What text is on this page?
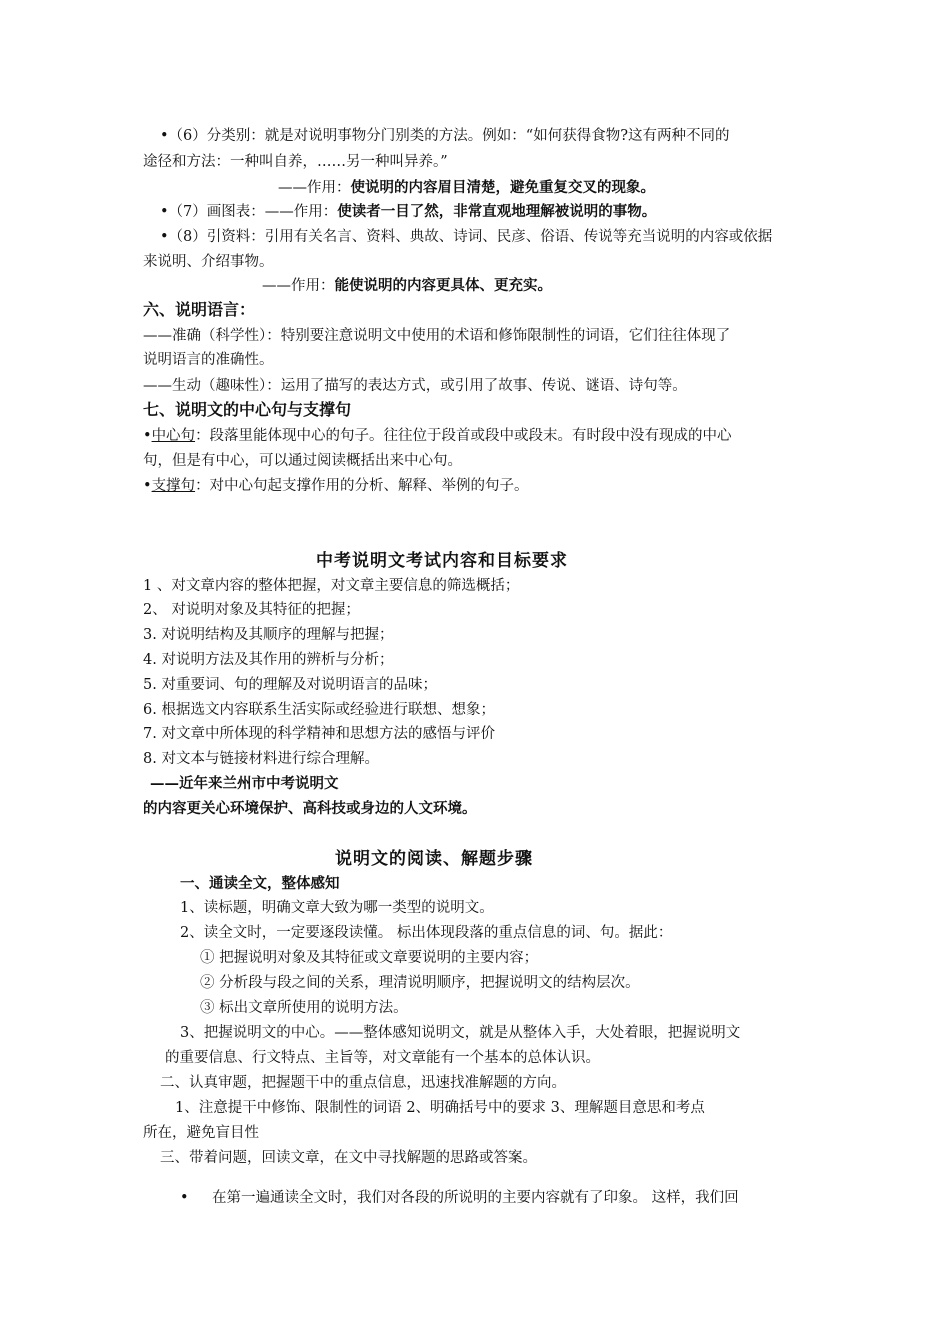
•（6）分类别：就是对说明事物分门别类的方法。例如：“如何获得食物?这有两种不同的
途径和方法：一种叫自养，……另一种叫异养。”
——作用：使说明的内容眉目清楚，避免重复交叉的现象。
•（7）画图表：——作用：使读者一目了然，非常直观地理解被说明的事物。
•（8）引资料：引用有关名言、资料、典故、诗词、民彦、俗语、传说等充当说明的内容或依据
来说明、介绍事物。
——作用：能使说明的内容更具体、更充实。
六、说明语言：
——准确（科学性）：特别要注意说明文中使用的术语和修饰限制性的词语，它们往往体现了
说明语言的准确性。
——生动（趣味性）：运用了描写的表达方式，或引用了故事、传说、谜语、诗句等。
七、说明文的中心句与支撑句
•中心句：段落里能体现中心的句子。往往位于段首或段中或段末。有时段中没有现成的中心
句，但是有中心，可以通过阅读概括出来中心句。
•支撑句：对中心句起支撑作用的分析、解释、举例的句子。
中考说明文考试内容和目标要求
1 、对文章内容的整体把握，对文章主要信息的筛选概括；
2、 对说明对象及其特征的把握；
3. 对说明结构及其顺序的理解与把握；
4. 对说明方法及其作用的辨析与分析；
5. 对重要词、句的理解及对说明语言的品味；
6. 根据选文内容联系生活实际或经验进行联想、想象；
7. 对文章中所体现的科学精神和思想方法的感悟与评价
8. 对文本与链接材料进行综合理解。
——近年来兰州市中考说明文
的内容更关心环境保护、高科技或身边的人文环境。
说明文的阅读、解题步骤
一、通读全文，整体感知
1、读标题，明确文章大致为哪一类型的说明文。
2、读全文时，一定要逐段读懂。 标出体现段落的重点信息的词、句。据此：
① 把握说明对象及其特征或文章要说明的主要内容；
② 分析段与段之间的关系，理清说明顺序，把握说明文的结构层次。
③ 标出文章所使用的说明方法。
3、把握说明文的中心。——整体感知说明文，就是从整体入手，大处着眼，把握说明文
的重要信息、行文特点、主旨等，对文章能有一个基本的总体认识。
二、认真审题，把握题干中的重点信息，迅速找准解题的方向。
1、注意提干中修饰、限制性的词语 2、明确括号中的要求 3、理解题目意思和考点
所在，避免盲目性
三、带着问题，回读文章，在文中寻找解题的思路或答案。
• 在第一遍通读全文时，我们对各段的所说明的主要内容就有了印象。 这样，我们回
